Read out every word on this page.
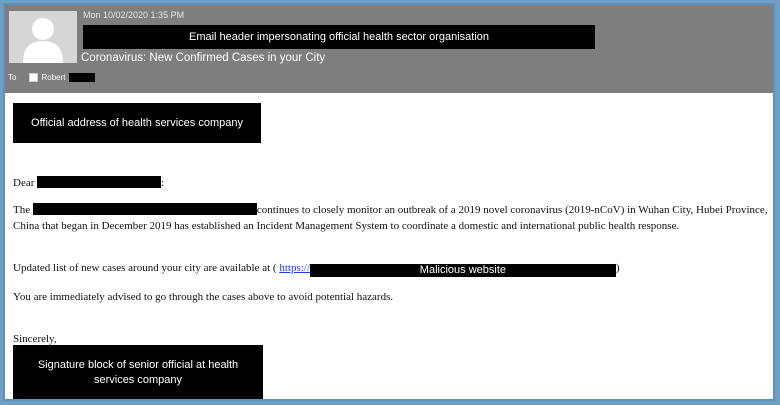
Mon 10/02/2020 1:35 PM
Email header impersonating official health sector organisation
Coronavirus: New Confirmed Cases in your City
To	Robert
Official address of health services company
Dear	:
The	continues to closely monitor an outbreak of a 2019 novel coronavirus (2019-nCoV) in Wuhan City, Hubei Province, China that began in December 2019 has established an Incident Management System to coordinate a domestic and international public health response.
Updated list of new cases around your city are available at ( https://	Malicious website	)
You are immediately advised to go through the cases above to avoid potential hazards.
Sincerely,
Signature block of senior official at health services company
